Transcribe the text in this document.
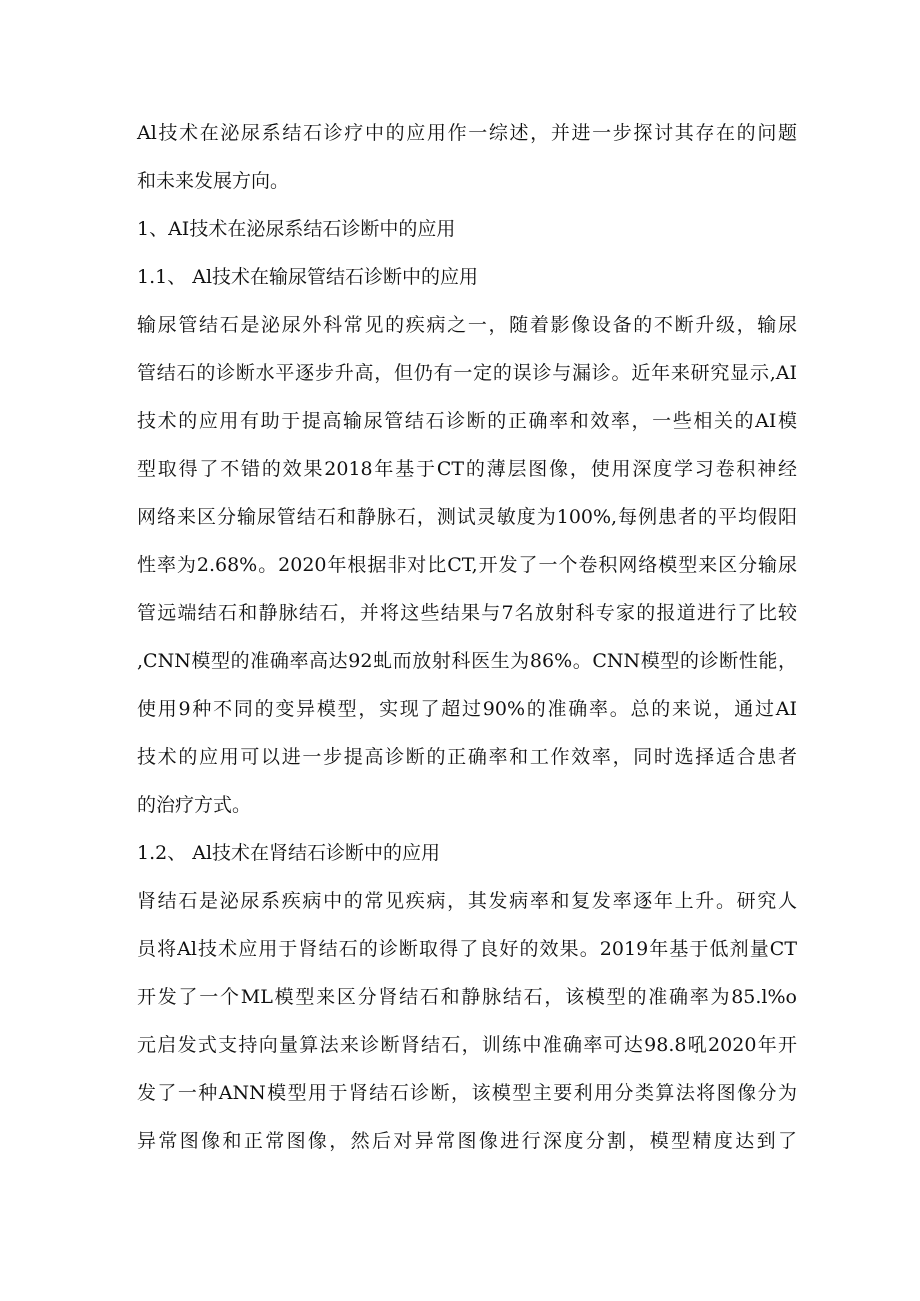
Al技术在泌尿系结石诊疗中的应用作一综述，并进一步探讨其存在的问题
和未来发展方向。
1、AI技术在泌尿系结石诊断中的应用
1.1、 Al技术在输尿管结石诊断中的应用
输尿管结石是泌尿外科常见的疾病之一，随着影像设备的不断升级，输尿
管结石的诊断水平逐步升高，但仍有一定的误诊与漏诊。近年来研究显示,AI
技术的应用有助于提高输尿管结石诊断的正确率和效率，一些相关的AI模
型取得了不错的效果2018年基于CT的薄层图像，使用深度学习卷积神经
网络来区分输尿管结石和静脉石，测试灵敏度为100%,每例患者的平均假阳
性率为2.68%。2020年根据非对比CT,开发了一个卷积网络模型来区分输尿
管远端结石和静脉结石，并将这些结果与7名放射科专家的报道进行了比较
,CNN模型的准确率高达92虬而放射科医生为86%。CNN模型的诊断性能，
使用9种不同的变异模型，实现了超过90%的准确率。总的来说，通过AI
技术的应用可以进一步提高诊断的正确率和工作效率，同时选择适合患者
的治疗方式。
1.2、 Al技术在肾结石诊断中的应用
肾结石是泌尿系疾病中的常见疾病，其发病率和复发率逐年上升。研究人
员将Al技术应用于肾结石的诊断取得了良好的效果。2019年基于低剂量CT
开发了一个ML模型来区分肾结石和静脉结石，该模型的准确率为85.l%o
元启发式支持向量算法来诊断肾结石，训练中准确率可达98.8吼2020年开
发了一种ANN模型用于肾结石诊断，该模型主要利用分类算法将图像分为
异常图像和正常图像，然后对异常图像进行深度分割，模型精度达到了
